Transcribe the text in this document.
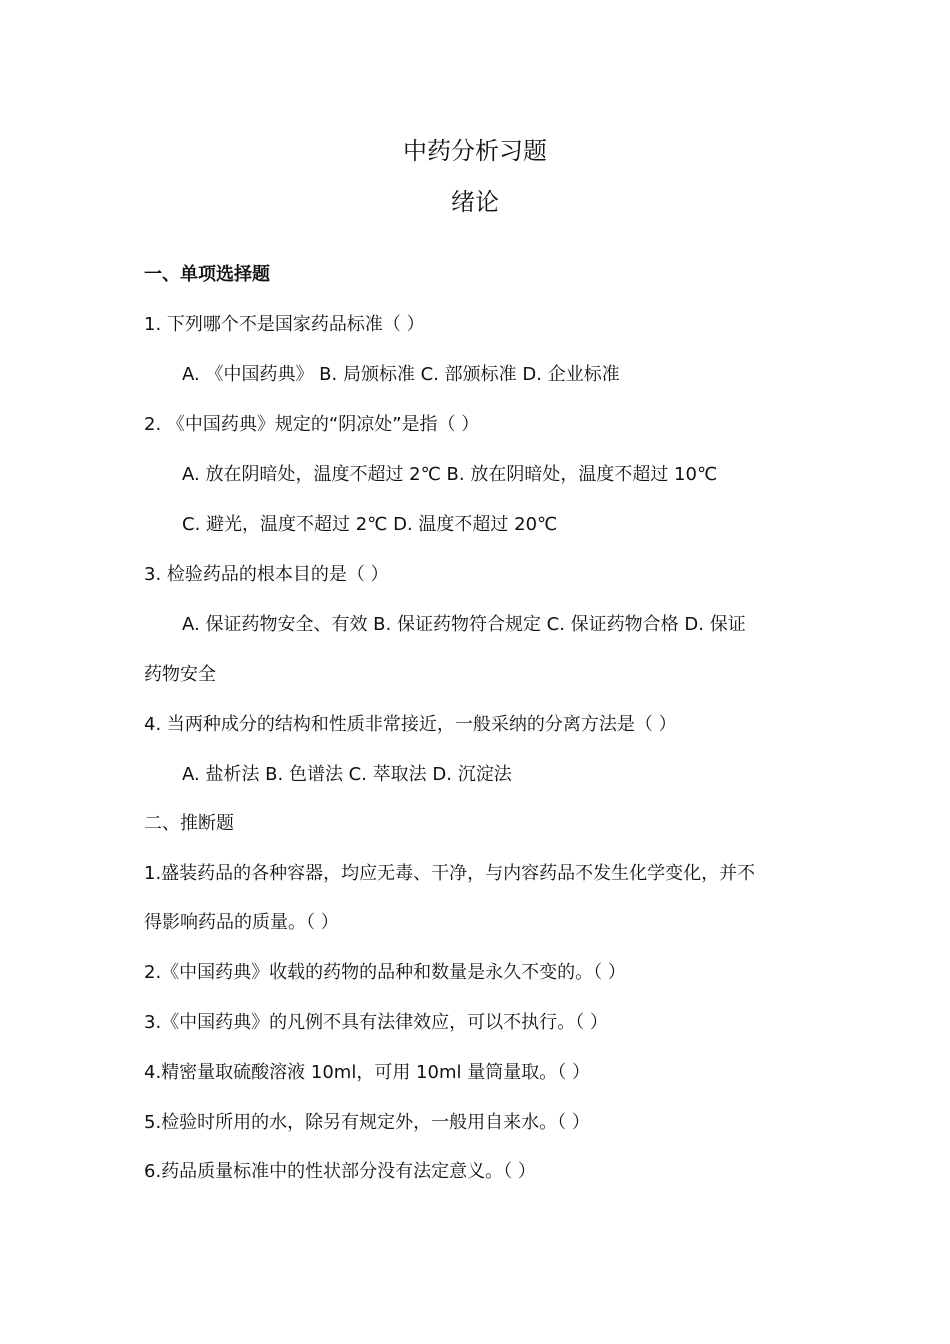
中药分析习题
绪论
一、单项选择题
1. 下列哪个不是国家药品标准（ ）
A. 《中国药典》 B. 局颁标准 C. 部颁标准 D. 企业标准
2. 《中国药典》规定的“阴凉处”是指（ ）
A. 放在阴暗处，温度不超过 2℃ B. 放在阴暗处，温度不超过 10℃
C. 避光，温度不超过 2℃ D. 温度不超过 20℃
3. 检验药品的根本目的是（ ）
A. 保证药物安全、有效 B. 保证药物符合规定 C. 保证药物合格 D. 保证
药物安全
4. 当两种成分的结构和性质非常接近，一般采纳的分离方法是（ ）
A. 盐析法 B. 色谱法 C. 萃取法 D. 沉淀法
二、推断题
1.盛装药品的各种容器，均应无毒、干净，与内容药品不发生化学变化，并不
得影响药品的质量。（ ）
2.《中国药典》收载的药物的品种和数量是永久不变的。（ ）
3.《中国药典》的凡例不具有法律效应，可以不执行。（ ）
4.精密量取硫酸溶液 10ml，可用 10ml 量筒量取。（ ）
5.检验时所用的水，除另有规定外，一般用自来水。（ ）
6.药品质量标准中的性状部分没有法定意义。（ ）
